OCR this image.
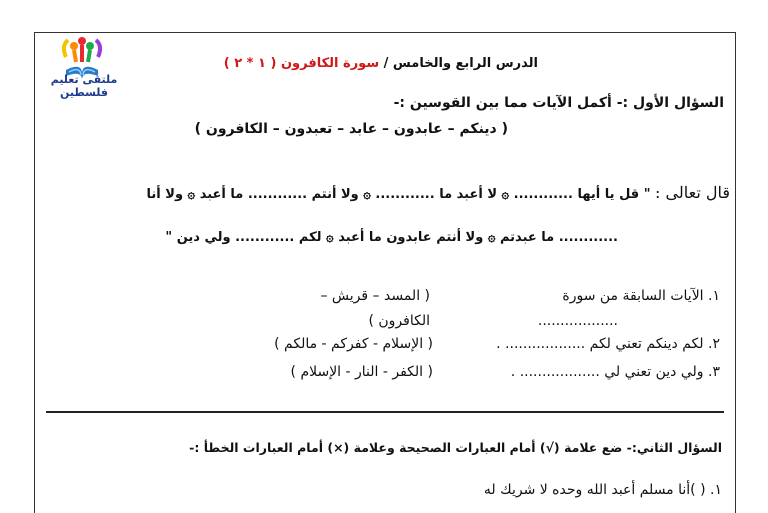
ملتقى تعليم فلسطين
الدرس الرابع والخامس / سورة الكافرون ( ١ * ٢ )
السؤال الأول :- أكمل الآيات مما بين القوسين :-
( دينكم – عابدون – عابد – تعبدون – الكافرون )
قال تعالى : " قل يا أيها ............ ۞ لا أعبد ما ............ ۞ ولا أنتم ............ ما أعبد ۞ ولا أنا
............ ما عبدتم ۞ ولا أنتم عابدون ما أعبد ۞ لكم ............ ولي دين "
١. الآيات السابقة من سورة
..................
( المسد – قريش –
الكافرون )
٢. لكم دينكم تعني لكم .................. .
( الإسلام - كفركم - مالكم )
٣. ولي دين تعني لي .................. .
( الكفر - النار - الإسلام )
السؤال الثاني:- ضع علامة (√) أمام العبارات الصحيحة وعلامة (×) أمام العبارات الخطأ :-
١. ( )أنا مسلم أعبد الله وحده لا شريك له
